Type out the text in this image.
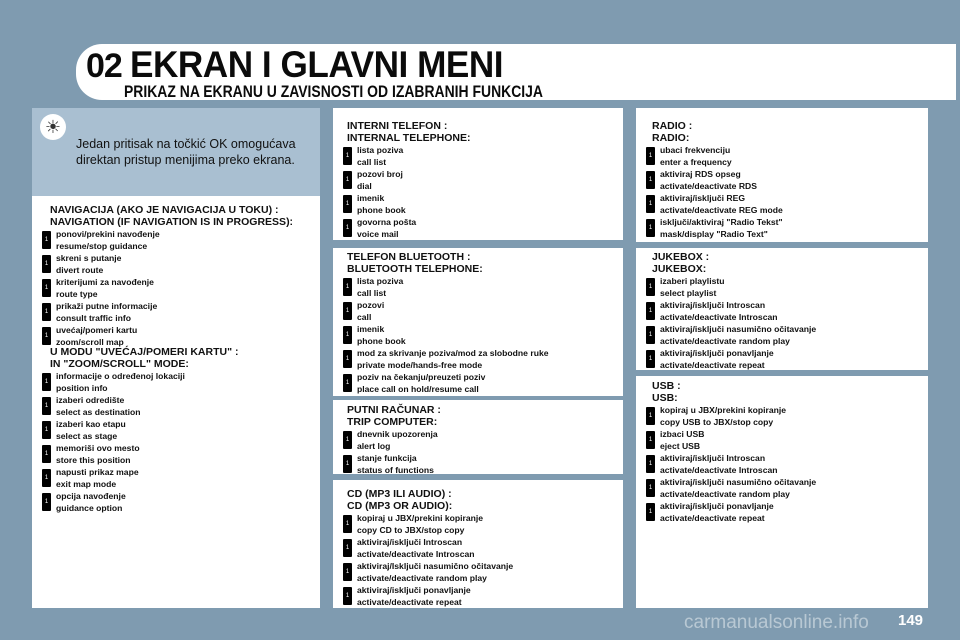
02 EKRAN I GLAVNI MENI
PRIKAZ NA EKRANU U ZAVISNOSTI OD IZABRANIH FUNKCIJA
☀
Jedan pritisak na točkić OK omogućava direktan pristup menijima preko ekrana.
NAVIGACIJA (AKO JE NAVIGACIJA U TOKU) :
NAVIGATION (IF NAVIGATION IS IN PROGRESS):
1
ponovi/prekini navođenje
resume/stop guidance
1
skreni s putanje
divert route
1
kriterijumi za navođenje
route type
1
prikaži putne informacije
consult traffic info
1
uvećaj/pomeri kartu
zoom/scroll map
U MODU "UVEĆAJ/POMERI KARTU" :
IN "ZOOM/SCROLL" MODE:
1
informacije o određenoj lokaciji
position info
1
izaberi odredište
select as destination
1
izaberi kao etapu
select as stage
1
memoriši ovo mesto
store this position
1
napusti prikaz mape
exit map mode
1
opcija navođenje
guidance option
INTERNI TELEFON :
INTERNAL TELEPHONE:
1
lista poziva
call list
1
pozovi broj
dial
1
imenik
phone book
1
govorna pošta
voice mail
TELEFON BLUETOOTH :
BLUETOOTH TELEPHONE:
1
lista poziva
call list
1
pozovi
call
1
imenik
phone book
1
mod za skrivanje poziva/mod za slobodne ruke
private mode/hands-free mode
1
poziv na čekanju/preuzeti poziv
place call on hold/resume call
PUTNI RAČUNAR :
TRIP COMPUTER:
1
dnevnik upozorenja
alert log
1
stanje funkcija
status of functions
CD (MP3 ILI AUDIO) :
CD (MP3 OR AUDIO):
1
kopiraj u JBX/prekini kopiranje
copy CD to JBX/stop copy
1
aktiviraj/isključi Introscan
activate/deactivate Introscan
1
aktiviraj/Isključi nasumično očitavanje
activate/deactivate random play
1
aktiviraj/isključi ponavljanje
activate/deactivate repeat
RADIO :
RADIO:
1
ubaci frekvenciju
enter a frequency
1
aktiviraj RDS opseg
activate/deactivate RDS
1
aktiviraj/isključi REG
activate/deactivate REG mode
1
isključi/aktiviraj "Radio Tekst"
mask/display "Radio Text"
JUKEBOX :
JUKEBOX:
1
izaberi playlistu
select playlist
1
aktiviraj/isključi Introscan
activate/deactivate Introscan
1
aktiviraj/isključi nasumično očitavanje
activate/deactivate random play
1
aktiviraj/isključi ponavljanje
activate/deactivate repeat
USB :
USB:
1
kopiraj u JBX/prekini kopiranje
copy USB to JBX/stop copy
1
izbaci USB
eject USB
1
aktiviraj/isključi Introscan
activate/deactivate Introscan
1
aktiviraj/isključi nasumično očitavanje
activate/deactivate random play
1
aktiviraj/isključi ponavljanje
activate/deactivate repeat
carmanualsonline.info 149
